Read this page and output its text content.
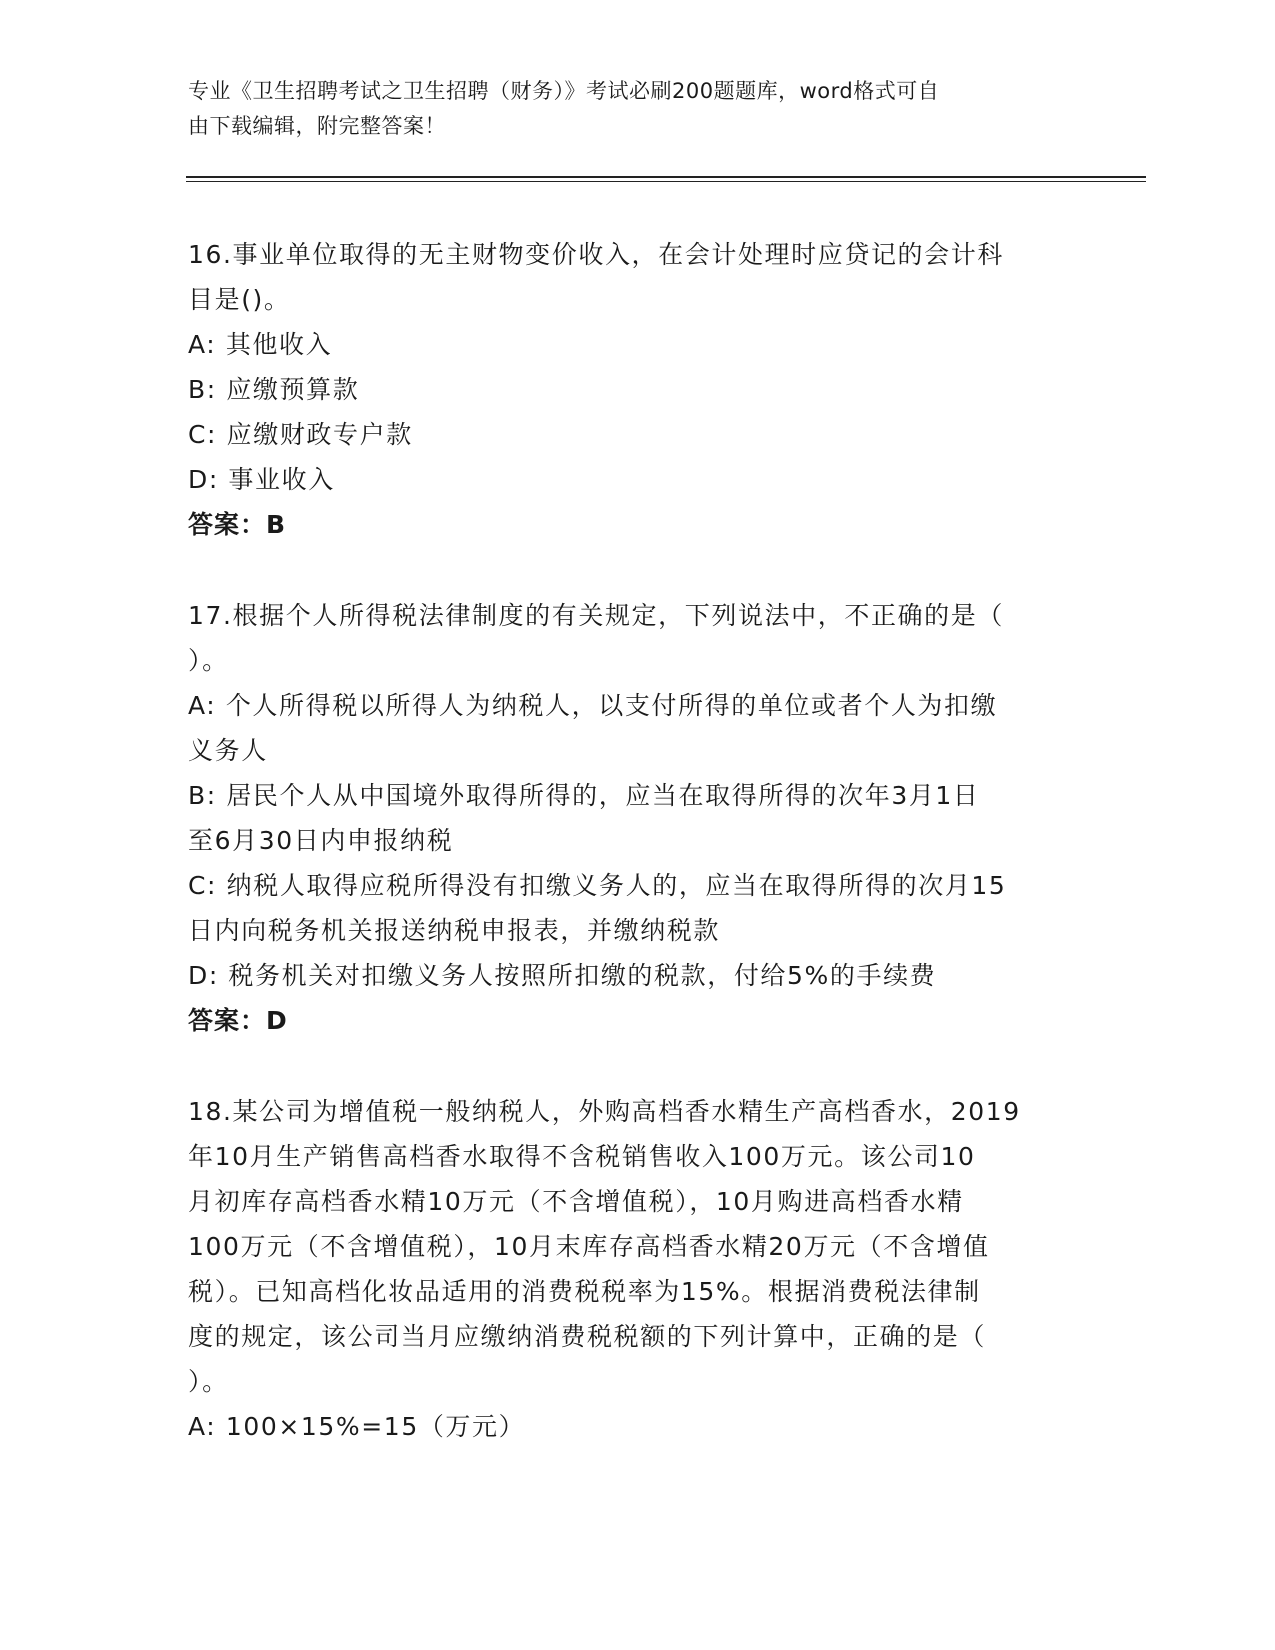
专业《卫生招聘考试之卫生招聘（财务）》考试必刷200题题库，word格式可自
由下载编辑，附完整答案！
16.事业单位取得的无主财物变价收入，在会计处理时应贷记的会计科
目是()。
A: 其他收入
B: 应缴预算款
C: 应缴财政专户款
D: 事业收入
答案：B
17.根据个人所得税法律制度的有关规定，下列说法中，不正确的是（
）。
A: 个人所得税以所得人为纳税人，以支付所得的单位或者个人为扣缴
义务人
B: 居民个人从中国境外取得所得的，应当在取得所得的次年3月1日
至6月30日内申报纳税
C: 纳税人取得应税所得没有扣缴义务人的，应当在取得所得的次月15
日内向税务机关报送纳税申报表，并缴纳税款
D: 税务机关对扣缴义务人按照所扣缴的税款，付给5%的手续费
答案：D
18.某公司为增值税一般纳税人，外购高档香水精生产高档香水，2019
年10月生产销售高档香水取得不含税销售收入100万元。该公司10
月初库存高档香水精10万元（不含增值税），10月购进高档香水精
100万元（不含增值税），10月末库存高档香水精20万元（不含增值
税）。已知高档化妆品适用的消费税税率为15%。根据消费税法律制
度的规定，该公司当月应缴纳消费税税额的下列计算中，正确的是（
）。
A: 100×15%=15（万元）
